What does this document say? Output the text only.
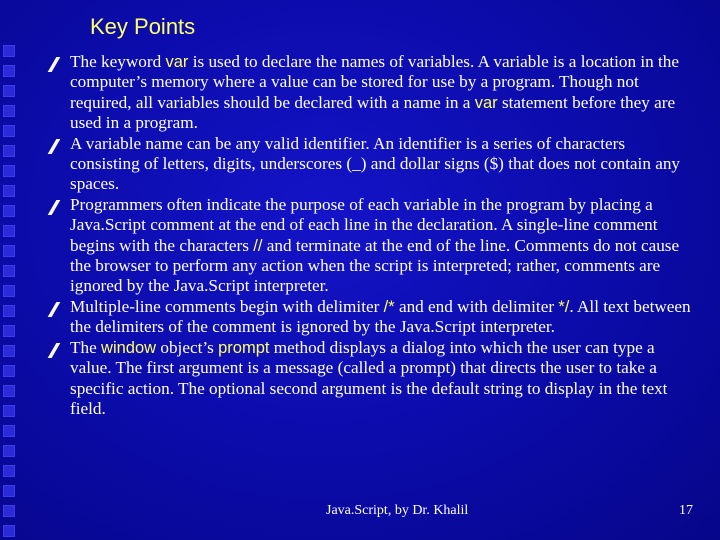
Key Points

The keyword var is used to declare the names of variables. A variable is a location in the computer’s memory where a value can be stored for use by a program. Though not required, all variables should be declared with a name in a var statement before they are used in a program.

A variable name can be any valid identifier. An identifier is a series of characters consisting of letters, digits, underscores (_) and dollar signs ($) that does not contain any spaces.

Programmers often indicate the purpose of each variable in the program by placing a Java.Script comment at the end of each line in the declaration. A single-line comment begins with the characters // and terminate at the end of the line. Comments do not cause the browser to perform any action when the script is interpreted; rather, comments are ignored by the Java.Script interpreter.

Multiple-line comments begin with delimiter /* and end with delimiter */. All text between the delimiters of the comment is ignored by the Java.Script interpreter.

The window object’s prompt method displays a dialog into which the user can type a value. The first argument is a message (called a prompt) that directs the user to take a specific action. The optional second argument is the default string to display in the text field.

Java.Script, by Dr. Khalil	17
